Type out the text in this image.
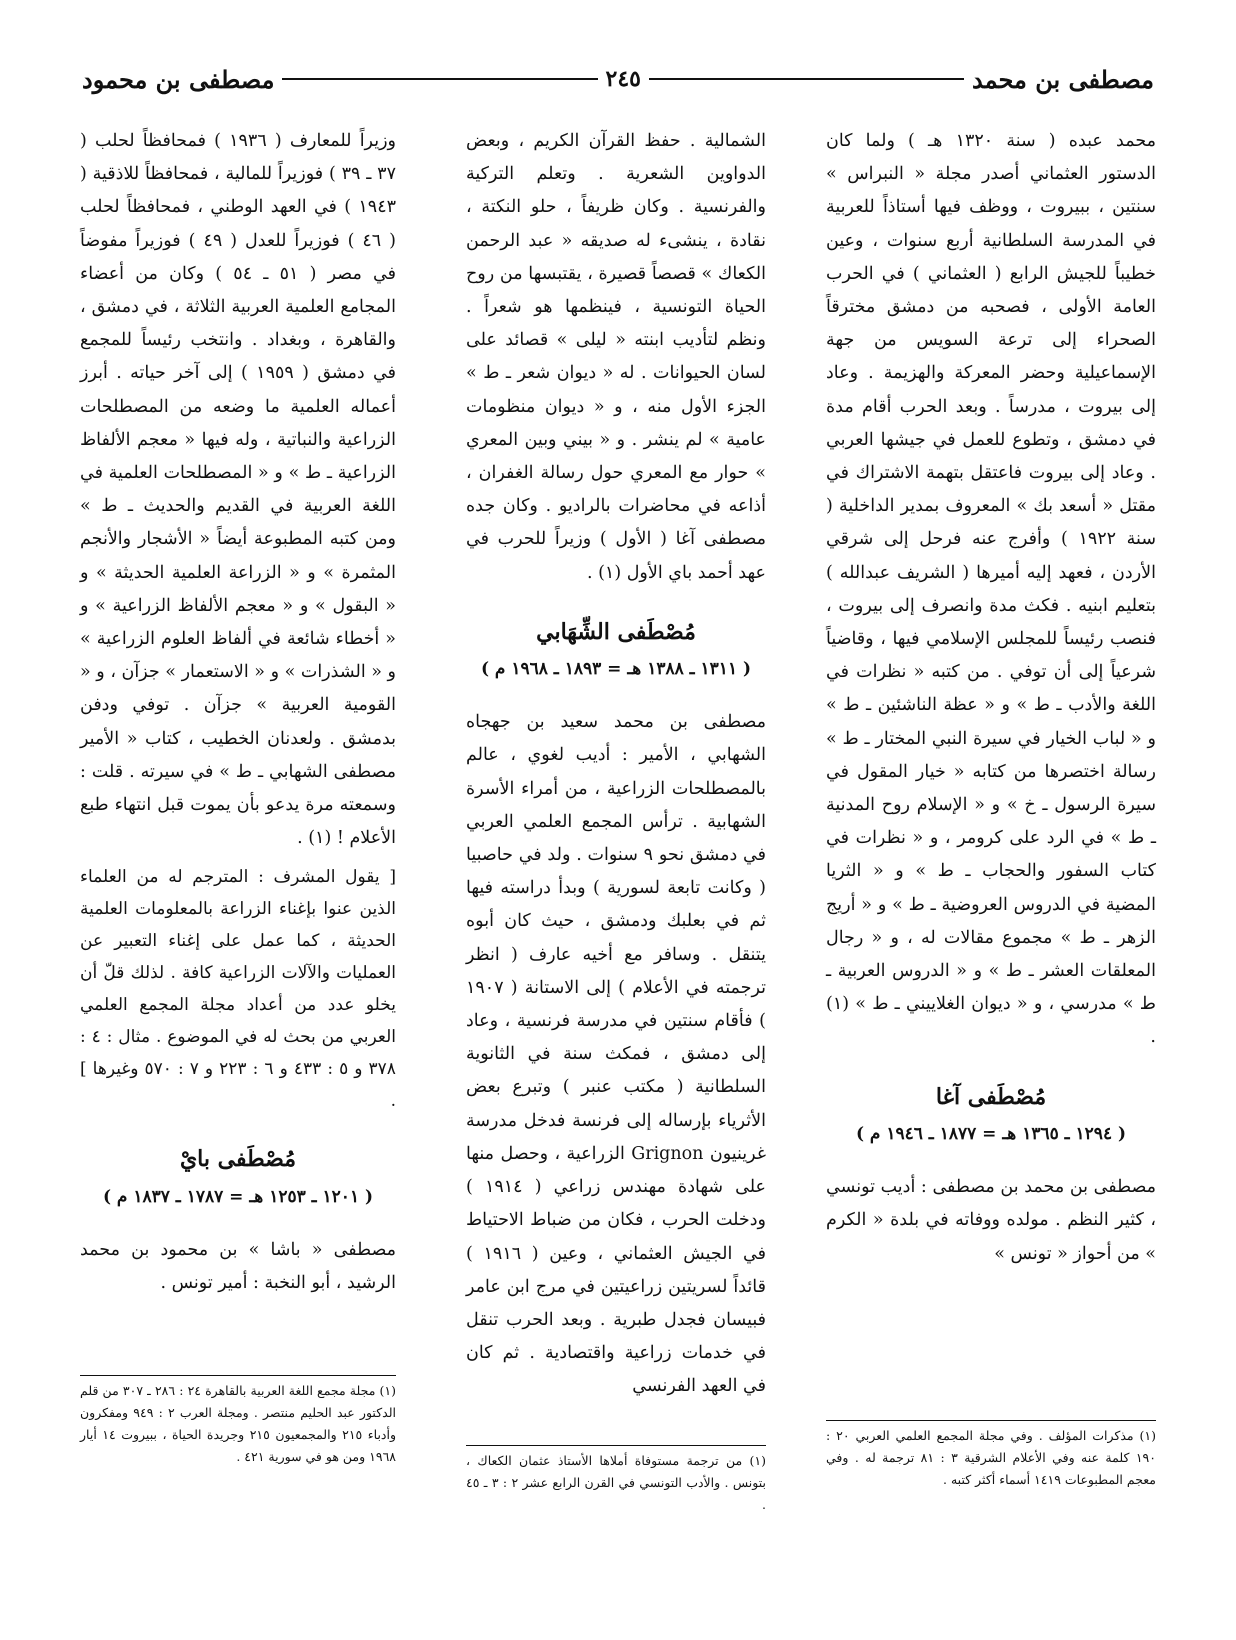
مصطفى بن محمد
٢٤٥
مصطفى بن محمود

محمد عبده ( سنة ١٣٢٠ هـ ) ولما كان الدستور العثماني أصدر مجلة « النبراس » سنتين ، ببيروت ، ووظف فيها أستاذاً للعربية في المدرسة السلطانية أربع سنوات ، وعين خطيباً للجيش الرابع ( العثماني ) في الحرب العامة الأولى ، فصحبه من دمشق مخترقاً الصحراء إلى ترعة السويس من جهة الإسماعيلية وحضر المعركة والهزيمة . وعاد إلى بيروت ، مدرساً . وبعد الحرب أقام مدة في دمشق ، وتطوع للعمل في جيشها العربي . وعاد إلى بيروت فاعتقل بتهمة الاشتراك في مقتل « أسعد بك » المعروف بمدير الداخلية ( سنة ١٩٢٢ ) وأفرج عنه فرحل إلى شرقي الأردن ، فعهد إليه أميرها ( الشريف عبدالله ) بتعليم ابنيه . فكث مدة وانصرف إلى بيروت ، فنصب رئيساً للمجلس الإسلامي فيها ، وقاضياً شرعياً إلى أن توفي . من كتبه « نظرات في اللغة والأدب ـ ط » و « عظة الناشئين ـ ط » و « لباب الخيار في سيرة النبي المختار ـ ط » رسالة اختصرها من كتابه « خيار المقول في سيرة الرسول ـ خ » و « الإسلام روح المدنية ـ ط » في الرد على كرومر ، و « نظرات في كتاب السفور والحجاب ـ ط » و « الثريا المضية في الدروس العروضية ـ ط » و « أريج الزهر ـ ط » مجموع مقالات له ، و « رجال المعلقات العشر ـ ط » و « الدروس العربية ـ ط » مدرسي ، و « ديوان الغلاييني ـ ط » (١) .

مُصْطَفى آغا
( ١٢٩٤ ـ ١٣٦٥ هـ = ١٨٧٧ ـ ١٩٤٦ م )

مصطفى بن محمد بن مصطفى : أديب تونسي ، كثير النظم . مولده ووفاته في بلدة « الكرم » من أحواز « تونس »

(١) مذكرات المؤلف . وفي مجلة المجمع العلمي العربي ٢٠ : ١٩٠ كلمة عنه وفي الأعلام الشرقية ٣ : ٨١ ترجمة له . وفي معجم المطبوعات ١٤١٩ أسماء أكثر كتبه .

الشمالية . حفظ القرآن الكريم ، وبعض الدواوين الشعرية . وتعلم التركية والفرنسية . وكان ظريفاً ، حلو النكتة ، نقادة ، ينشىء له صديقه « عبد الرحمن الكعاك » قصصاً قصيرة ، يقتبسها من روح الحياة التونسية ، فينظمها هو شعراً . ونظم لتأديب ابنته « ليلى » قصائد على لسان الحيوانات . له « ديوان شعر ـ ط » الجزء الأول منه ، و « ديوان منظومات عامية » لم ينشر . و « بيني وبين المعري » حوار مع المعري حول رسالة الغفران ، أذاعه في محاضرات بالراديو . وكان جده مصطفى آغا ( الأول ) وزيراً للحرب في عهد أحمد باي الأول (١) .

مُصْطَفى الشِّهَابي
( ١٣١١ ـ ١٣٨٨ هـ = ١٨٩٣ ـ ١٩٦٨ م )

مصطفى بن محمد سعيد بن جهجاه الشهابي ، الأمير : أديب لغوي ، عالم بالمصطلحات الزراعية ، من أمراء الأسرة الشهابية . ترأس المجمع العلمي العربي في دمشق نحو ٩ سنوات . ولد في حاصبيا ( وكانت تابعة لسورية ) وبدأ دراسته فيها ثم في بعلبك ودمشق ، حيث كان أبوه يتنقل . وسافر مع أخيه عارف ( انظر ترجمته في الأعلام ) إلى الاستانة ( ١٩٠٧ ) فأقام سنتين في مدرسة فرنسية ، وعاد إلى دمشق ، فمكث سنة في الثانوية السلطانية ( مكتب عنبر ) وتبرع بعض الأثرياء بإرساله إلى فرنسة فدخل مدرسة غرينيون Grignon الزراعية ، وحصل منها على شهادة مهندس زراعي ( ١٩١٤ ) ودخلت الحرب ، فكان من ضباط الاحتياط في الجيش العثماني ، وعين ( ١٩١٦ ) قائداً لسريتين زراعيتين في مرج ابن عامر فبيسان فجدل طبرية . وبعد الحرب تنقل في خدمات زراعية واقتصادية . ثم كان في العهد الفرنسي

(١) من ترجمة مستوفاة أملاها الأستاذ عثمان الكعاك ، بتونس . والأدب التونسي في القرن الرابع عشر ٢ : ٣ ـ ٤٥ .

وزيراً للمعارف ( ١٩٣٦ ) فمحافظاً لحلب ( ٣٧ ـ ٣٩ ) فوزيراً للمالية ، فمحافظاً للاذقية ( ١٩٤٣ ) في العهد الوطني ، فمحافظاً لحلب ( ٤٦ ) فوزيراً للعدل ( ٤٩ ) فوزيراً مفوضاً في مصر ( ٥١ ـ ٥٤ ) وكان من أعضاء المجامع العلمية العربية الثلاثة ، في دمشق ، والقاهرة ، وبغداد . وانتخب رئيساً للمجمع في دمشق ( ١٩٥٩ ) إلى آخر حياته . أبرز أعماله العلمية ما وضعه من المصطلحات الزراعية والنباتية ، وله فيها « معجم الألفاظ الزراعية ـ ط » و « المصطلحات العلمية في اللغة العربية في القديم والحديث ـ ط » ومن كتبه المطبوعة أيضاً « الأشجار والأنجم المثمرة » و « الزراعة العلمية الحديثة » و « البقول » و « معجم الألفاظ الزراعية » و « أخطاء شائعة في ألفاظ العلوم الزراعية » و « الشذرات » و « الاستعمار » جزآن ، و « القومية العربية » جزآن . توفي ودفن بدمشق . ولعدنان الخطيب ، كتاب « الأمير مصطفى الشهابي ـ ط » في سيرته . قلت : وسمعته مرة يدعو بأن يموت قبل انتهاء طبع الأعلام ! (١) .

[ يقول المشرف : المترجم له من العلماء الذين عنوا بإغناء الزراعة بالمعلومات العلمية الحديثة ، كما عمل على إغناء التعبير عن العمليات والآلات الزراعية كافة . لذلك قلّ أن يخلو عدد من أعداد مجلة المجمع العلمي العربي من بحث له في الموضوع . مثال : ٤ : ٣٧٨ و ٥ : ٤٣٣ و ٦ : ٢٢٣ و ٧ : ٥٧٠ وغيرها ] .

مُصْطَفى بايْ
( ١٢٠١ ـ ١٢٥٣ هـ = ١٧٨٧ ـ ١٨٣٧ م )

مصطفى « باشا » بن محمود بن محمد الرشيد ، أبو النخبة : أمير تونس .

(١) مجلة مجمع اللغة العربية بالقاهرة ٢٤ : ٢٨٦ ـ ٣٠٧ من قلم الدكتور عبد الحليم منتصر . ومجلة العرب ٢ : ٩٤٩ ومفكرون وأدباء ٢١٥ والمجمعيون ٢١٥ وجريدة الحياة ، ببيروت ١٤ أيار ١٩٦٨ ومن هو في سورية ٤٢١ .
